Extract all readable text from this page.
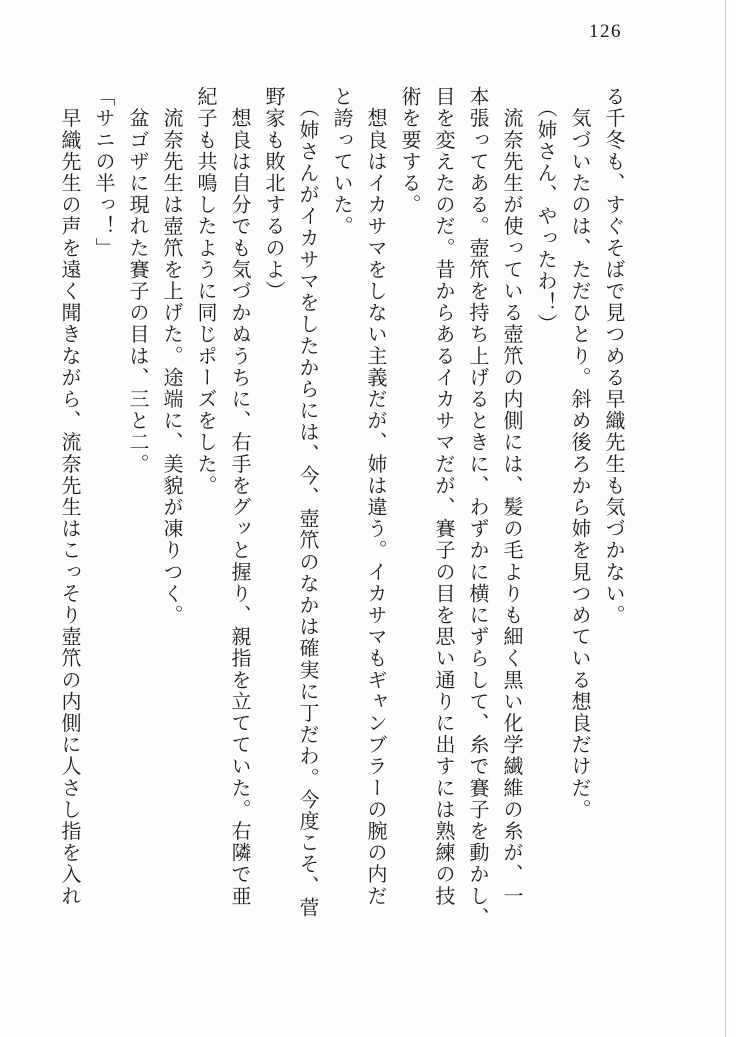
126
る千冬も、すぐそばで見つめる早織先生も気づかない。
　気づいたのは、ただひとり。斜め後ろから姉を見つめている想良だけだ。
　（姉さん、やったわ！）
　流奈先生が使っている壺笊の内側には、髪の毛よりも細く黒い化学繊維の糸が、一
本張ってある。壺笊を持ち上げるときに、わずかに横にずらして、糸で賽子を動かし、
目を変えたのだ。昔からあるイカサマだが、賽子の目を思い通りに出すには熟練の技
術を要する。
　想良はイカサマをしない主義だが、姉は違う。イカサマもギャンブラーの腕の内だ
と誇っていた。
　（姉さんがイカサマをしたからには、今、壺笊のなかは確実に丁だわ。今度こそ、菅
野家も敗北するのよ）
　想良は自分でも気づかぬうちに、右手をグッと握り、親指を立てていた。右隣で亜
紀子も共鳴したように同じポーズをした。
　流奈先生は壺笊を上げた。途端に、美貌が凍りつく。
　盆ゴザに現れた賽子の目は、三と二。
「サニの半っ！」
　早織先生の声を遠く聞きながら、流奈先生はこっそり壺笊の内側に人さし指を入れ
